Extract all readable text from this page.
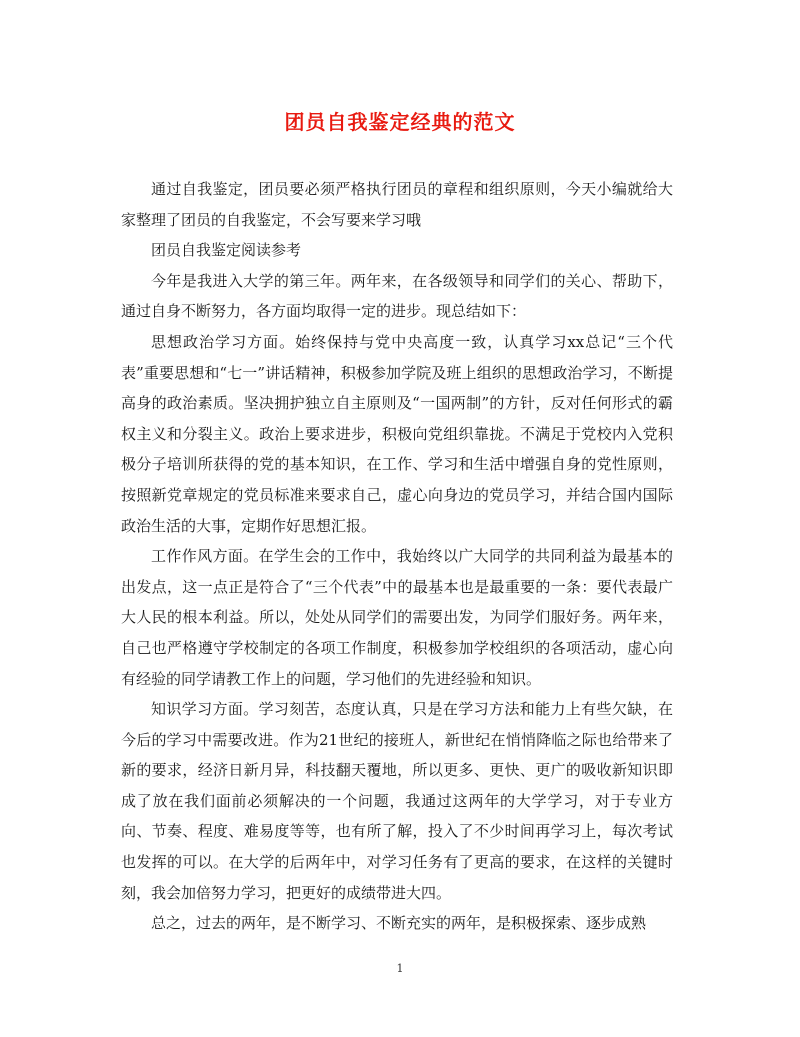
团员自我鉴定经典的范文

通过自我鉴定，团员要必须严格执行团员的章程和组织原则，今天小编就给大家整理了团员的自我鉴定，不会写要来学习哦

团员自我鉴定阅读参考

今年是我进入大学的第三年。两年来，在各级领导和同学们的关心、帮助下，通过自身不断努力，各方面均取得一定的进步。现总结如下：

思想政治学习方面。始终保持与党中央高度一致，认真学习xx总记“三个代表”重要思想和“七一”讲话精神，积极参加学院及班上组织的思想政治学习，不断提高身的政治素质。坚决拥护独立自主原则及“一国两制”的方针，反对任何形式的霸权主义和分裂主义。政治上要求进步，积极向党组织靠拢。不满足于党校内入党积极分子培训所获得的党的基本知识，在工作、学习和生活中增强自身的党性原则，按照新党章规定的党员标准来要求自己，虚心向身边的党员学习，并结合国内国际政治生活的大事，定期作好思想汇报。

工作作风方面。在学生会的工作中，我始终以广大同学的共同利益为最基本的出发点，这一点正是符合了“三个代表”中的最基本也是最重要的一条：要代表最广大人民的根本利益。所以，处处从同学们的需要出发，为同学们服好务。两年来，自己也严格遵守学校制定的各项工作制度，积极参加学校组织的各项活动，虚心向有经验的同学请教工作上的问题，学习他们的先进经验和知识。

知识学习方面。学习刻苦，态度认真，只是在学习方法和能力上有些欠缺，在今后的学习中需要改进。作为21世纪的接班人，新世纪在悄悄降临之际也给带来了新的要求，经济日新月异，科技翻天覆地，所以更多、更快、更广的吸收新知识即成了放在我们面前必须解决的一个问题，我通过这两年的大学学习，对于专业方向、节奏、程度、难易度等等，也有所了解，投入了不少时间再学习上，每次考试也发挥的可以。在大学的后两年中，对学习任务有了更高的要求，在这样的关键时刻，我会加倍努力学习，把更好的成绩带进大四。

总之，过去的两年，是不断学习、不断充实的两年，是积极探索、逐步成熟

1
